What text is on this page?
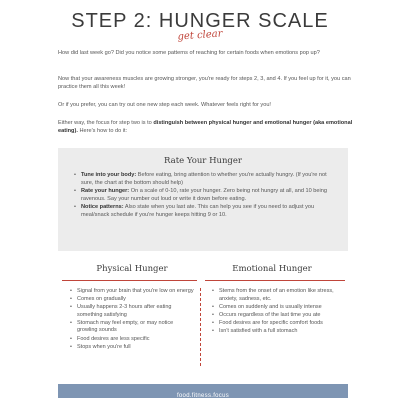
STEP 2: HUNGER SCALE
get clear

How did last week go? Did you notice some patterns of reaching for certain foods when emotions pop up?

Now that your awareness muscles are growing stronger, you're ready for steps 2, 3, and 4. If you feel up for it, you can practice them all this week!

Or if you prefer, you can try out one new step each week. Whatever feels right for you!

Either way, the focus for step two is to distinguish between physical hunger and emotional hunger (aka emotional eating). Here's how to do it:

Rate Your Hunger
• Tune into your body: Before eating, bring attention to whether you're actually hungry. (If you're not sure, the chart at the bottom should help)
• Rate your hunger: On a scale of 0-10, rate your hunger. Zero being not hungry at all, and 10 being ravenous. Say your number out loud or write it down before eating.
• Notice patterns: Also state when you last ate. This can help you see if you need to adjust you meal/snack schedule if you're hunger keeps hitting 9 or 10.
Physical Hunger	Emotional Hunger
• Signal from your brain that you're low on energy
• Comes on gradually
• Usually happens 2-3 hours after eating something satisfying
• Stomach may feel empty, or may notice growling sounds
• Food desires are less specific
• Stops when you're full
• Stems from the onset of an emotion like stress, anxiety, sadness, etc.
• Comes on suddenly and is usually intense
• Occurs regardless of the last time you ate
• Food desires are for specific comfort foods
• Isn't satisfied with a full stomach
food.fitness.focus
